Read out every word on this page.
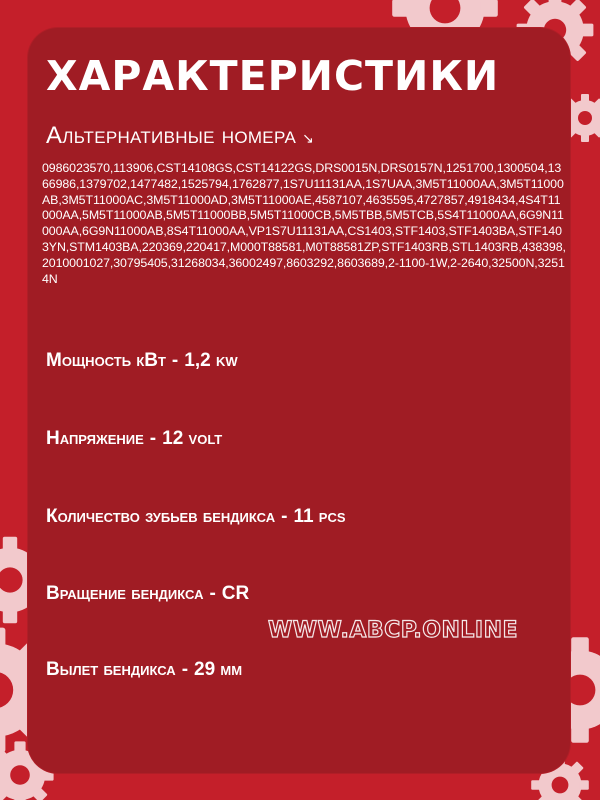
ХАРАКТЕРИСТИКИ
Альтернативные номера ↘
0986023570,113906,CST14108GS,CST14122GS,DRS0015N,DRS0157N,1251700,1300504,1366986,1379702,1477482,1525794,1762877,1S7U11131AA,1S7UAA,3M5T11000AA,3M5T11000AB,3M5T11000AC,3M5T11000AD,3M5T11000AE,4587107,4635595,4727857,4918434,4S4T11000AA,5M5T11000AB,5M5T11000BB,5M5T11000CB,5M5TBB,5M5TCB,5S4T11000AA,6G9N11000AA,6G9N11000AB,8S4T11000AA,VP1S7U11131AA,CS1403,STF1403,STF1403BA,STF1403YN,STM1403BA,220369,220417,M000T88581,M0T88581ZP,STF1403RB,STL1403RB,438398,2010001027,30795405,31268034,36002497,8603292,8603689,2-1100-1W,2-2640,32500N,32514N
Мощность кВт - 1,2 kw
Напряжение - 12 volt
Количество зубьев бендикса - 11 pcs
Вращение бендикса - CR
Вылет бендикса - 29 мм
WWW.ABCP.ONLINE
